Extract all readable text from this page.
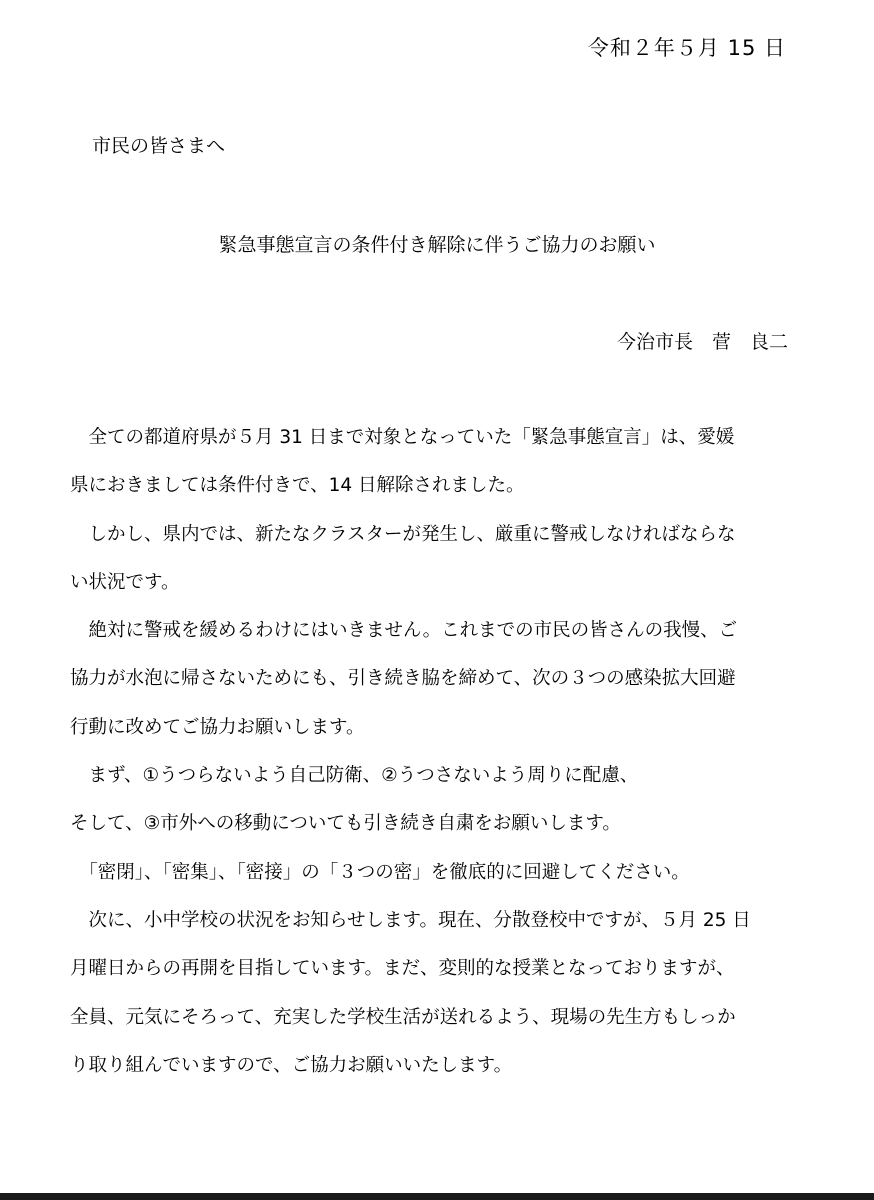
令和２年５月 15 日
市民の皆さまへ
緊急事態宣言の条件付き解除に伴うご協力のお願い
今治市長　菅　良二
　全ての都道府県が５月 31 日まで対象となっていた「緊急事態宣言」は、愛媛
県におきましては条件付きで、14 日解除されました。
　しかし、県内では、新たなクラスターが発生し、厳重に警戒しなければならな
い状況です。
　絶対に警戒を緩めるわけにはいきません。これまでの市民の皆さんの我慢、ご
協力が水泡に帰さないためにも、引き続き脇を締めて、次の３つの感染拡大回避
行動に改めてご協力お願いします。
　まず、①うつらないよう自己防衛、②うつさないよう周りに配慮、
そして、③市外への移動についても引き続き自粛をお願いします。
　「密閉」、「密集」、「密接」の「３つの密」を徹底的に回避してください。
　次に、小中学校の状況をお知らせします。現在、分散登校中ですが、５月 25 日
月曜日からの再開を目指しています。まだ、変則的な授業となっておりますが、
全員、元気にそろって、充実した学校生活が送れるよう、現場の先生方もしっか
り取り組んでいますので、ご協力お願いいたします。
